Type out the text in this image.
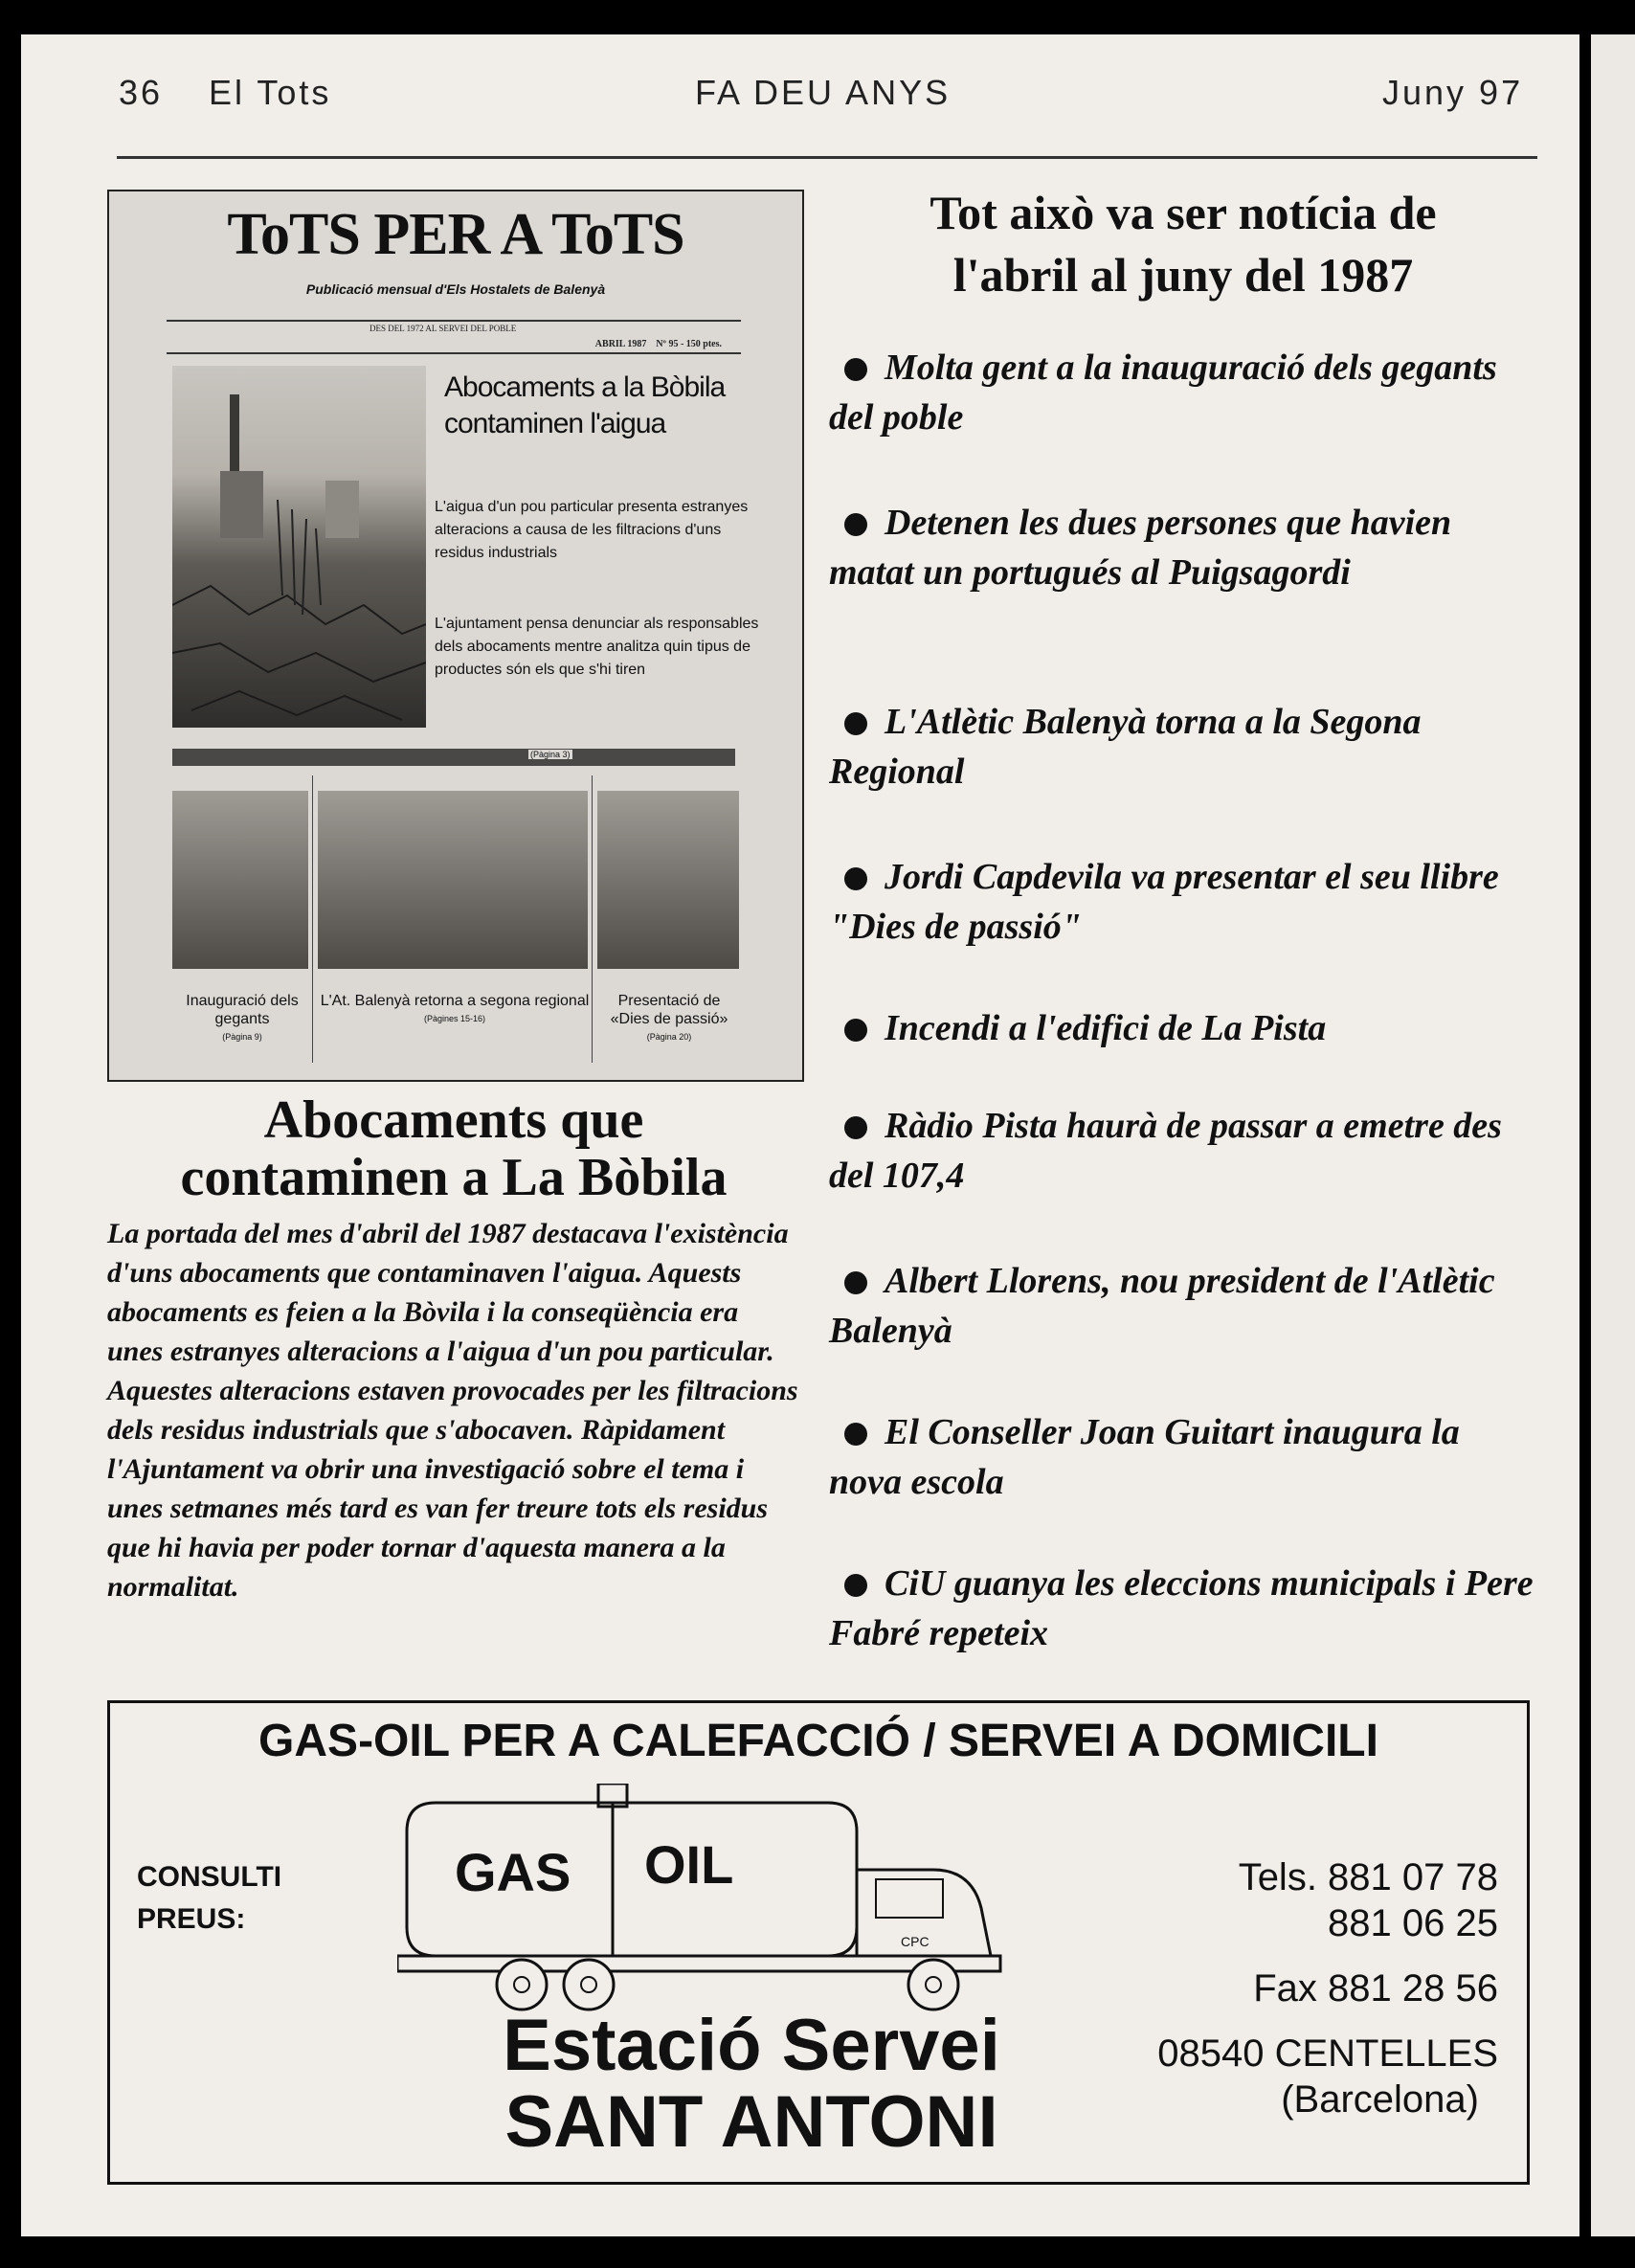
36 El Tots	FA DEU ANYS	Juny 97
ToTS PER A ToTS
Publicació mensual d'Els Hostalets de Balenyà
DES DEL 1972 AL SERVEI DEL POBLE
ABRIL 1987 Nº 95 - 150 ptes.
Abocaments a la Bòbila contaminen l'aigua
L'aigua d'un pou particular presenta estranyes alteracions a causa de les filtracions d'uns residus industrials
L'ajuntament pensa denunciar als responsables dels abocaments mentre analitza quin tipus de productes són els que s'hi tiren
(Pàgina 3)
Inauguració dels gegants
(Pàgina 9)
L'At. Balenyà retorna a segona regional
(Pàgines 15-16)
Presentació de «Dies de passió»
(Pàgina 20)
Abocaments que
contaminen a La Bòbila
La portada del mes d'abril del 1987 destacava l'existència d'uns abocaments que contaminaven l'aigua. Aquests abocaments es feien a la Bòvila i la conseqüència era unes estranyes alteracions a l'aigua d'un pou particular. Aquestes alteracions estaven provocades per les filtracions dels residus industrials que s'abocaven. Ràpidament l'Ajuntament va obrir una investigació sobre el tema i unes setmanes més tard es van fer treure tots els residus que hi havia per poder tornar d'aquesta manera a la normalitat.
Tot això va ser notícia de
l'abril al juny del 1987
Molta gent a la inauguració dels gegants del poble
Detenen les dues persones que havien matat un portugués al Puigsagordi
L'Atlètic Balenyà torna a la Segona Regional
Jordi Capdevila va presentar el seu llibre "Dies de passió"
Incendi a l'edifici de La Pista
Ràdio Pista haurà de passar a emetre des del 107,4
Albert Llorens, nou president de l'Atlètic Balenyà
El Conseller Joan Guitart inaugura la nova escola
CiU guanya les eleccions municipals i Pere Fabré repeteix
GAS-OIL PER A CALEFACCIÓ / SERVEI A DOMICILI
CONSULTI
PREUS:
GAS OIL
CPC
Estació Servei
SANT ANTONI
Tels. 881 07 78
881 06 25
Fax 881 28 56
08540 CENTELLES
(Barcelona)
